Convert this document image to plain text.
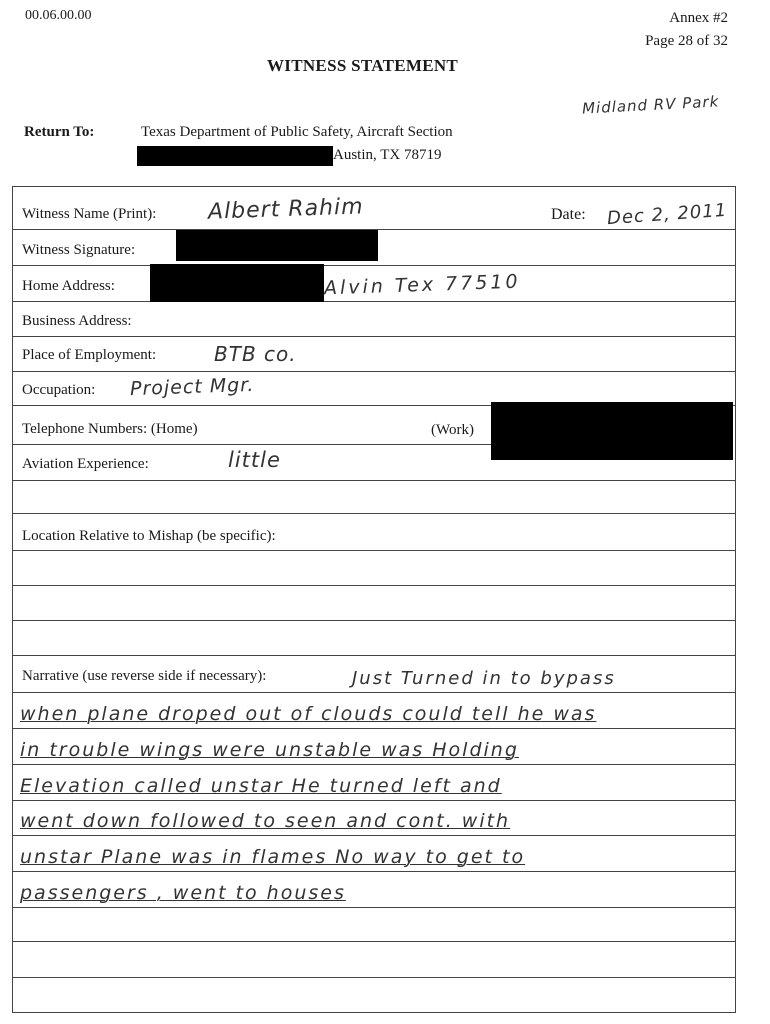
00.06.00.00	Annex #2
Page 28 of 32
WITNESS STATEMENT
Midland RV Park
Return To:	Texas Department of Public Safety, Aircraft Section
Austin, TX 78719
Witness Name (Print): Albert Rahim	Date: Dec 2, 2011
Witness Signature:
Home Address:	Alvin Tex 77510
Business Address:
Place of Employment:	BTB co.
Occupation: Project Mgr.
Telephone Numbers: (Home)	(Work)
Aviation Experience:	little
Location Relative to Mishap (be specific):
Narrative (use reverse side if necessary):	Just Turned in to bypass
when plane droped out of clouds could tell he was
in trouble wings were unstable was Holding
Elevation called unstar He turned left and
went down followed to seen and cont. with
unstar Plane was in flames No way to get to
passengers , went to houses
